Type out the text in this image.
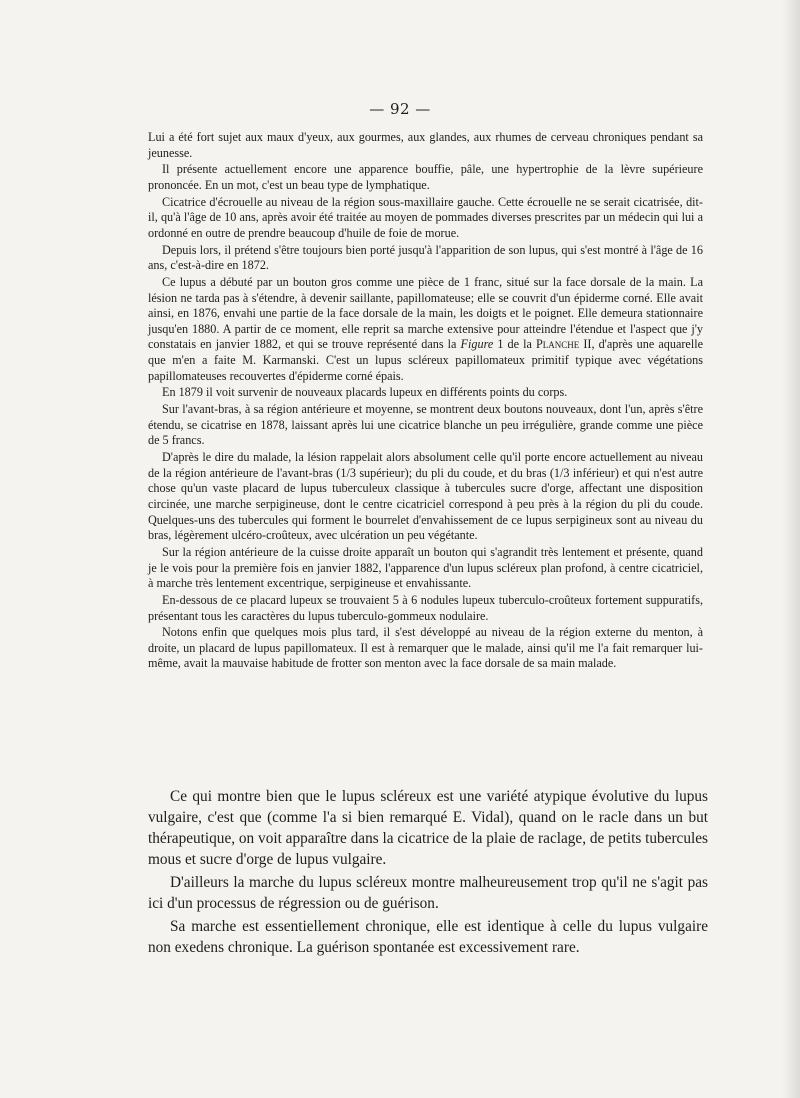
— 92 —

Lui a été fort sujet aux maux d'yeux, aux gourmes, aux glandes, aux rhumes de cerveau chroniques pendant sa jeunesse.

Il présente actuellement encore une apparence bouffie, pâle, une hypertrophie de la lèvre supérieure prononcée. En un mot, c'est un beau type de lymphatique.

Cicatrice d'écrouelle au niveau de la région sous-maxillaire gauche. Cette écrouelle ne se serait cicatrisée, dit-il, qu'à l'âge de 10 ans, après avoir été traitée au moyen de pommades diverses prescrites par un médecin qui lui a ordonné en outre de prendre beaucoup d'huile de foie de morue.

Depuis lors, il prétend s'être toujours bien porté jusqu'à l'apparition de son lupus, qui s'est montré à l'âge de 16 ans, c'est-à-dire en 1872.

Ce lupus a débuté par un bouton gros comme une pièce de 1 franc, situé sur la face dorsale de la main. La lésion ne tarda pas à s'étendre, à devenir saillante, papillomateuse; elle se couvrit d'un épiderme corné. Elle avait ainsi, en 1876, envahi une partie de la face dorsale de la main, les doigts et le poignet. Elle demeura stationnaire jusqu'en 1880. A partir de ce moment, elle reprit sa marche extensive pour atteindre l'étendue et l'aspect que j'y constatais en janvier 1882, et qui se trouve représenté dans la Figure 1 de la Planche II, d'après une aquarelle que m'en a faite M. Karmanski. C'est un lupus scléreux papillomateux primitif typique avec végétations papillomateuses recouvertes d'épiderme corné épais.

En 1879 il voit survenir de nouveaux placards lupeux en différents points du corps.

Sur l'avant-bras, à sa région antérieure et moyenne, se montrent deux boutons nouveaux, dont l'un, après s'être étendu, se cicatrise en 1878, laissant après lui une cicatrice blanche un peu irrégulière, grande comme une pièce de 5 francs.

D'après le dire du malade, la lésion rappelait alors absolument celle qu'il porte encore actuellement au niveau de la région antérieure de l'avant-bras (1/3 supérieur); du pli du coude, et du bras (1/3 inférieur) et qui n'est autre chose qu'un vaste placard de lupus tuberculeux classique à tubercules sucre d'orge, affectant une disposition circinée, une marche serpigineuse, dont le centre cicatriciel correspond à peu près à la région du pli du coude. Quelques-uns des tubercules qui forment le bourrelet d'envahissement de ce lupus serpigineux sont au niveau du bras, légèrement ulcéro-croûteux, avec ulcération un peu végétante.

Sur la région antérieure de la cuisse droite apparaît un bouton qui s'agrandit très lentement et présente, quand je le vois pour la première fois en janvier 1882, l'apparence d'un lupus scléreux plan profond, à centre cicatriciel, à marche très lentement excentrique, serpigineuse et envahissante.

En-dessous de ce placard lupeux se trouvaient 5 à 6 nodules lupeux tuberculo-croûteux fortement suppuratifs, présentant tous les caractères du lupus tuberculo-gommeux nodulaire.

Notons enfin que quelques mois plus tard, il s'est développé au niveau de la région externe du menton, à droite, un placard de lupus papillomateux. Il est à remarquer que le malade, ainsi qu'il me l'a fait remarquer lui-même, avait la mauvaise habitude de frotter son menton avec la face dorsale de sa main malade.

Ce qui montre bien que le lupus scléreux est une variété atypique évolutive du lupus vulgaire, c'est que (comme l'a si bien remarqué E. Vidal), quand on le racle dans un but thérapeutique, on voit apparaître dans la cicatrice de la plaie de raclage, de petits tubercules mous et sucre d'orge de lupus vulgaire.

D'ailleurs la marche du lupus scléreux montre malheureusement trop qu'il ne s'agit pas ici d'un processus de régression ou de guérison.

Sa marche est essentiellement chronique, elle est identique à celle du lupus vulgaire non exedens chronique. La guérison spontanée est excessivement rare.
